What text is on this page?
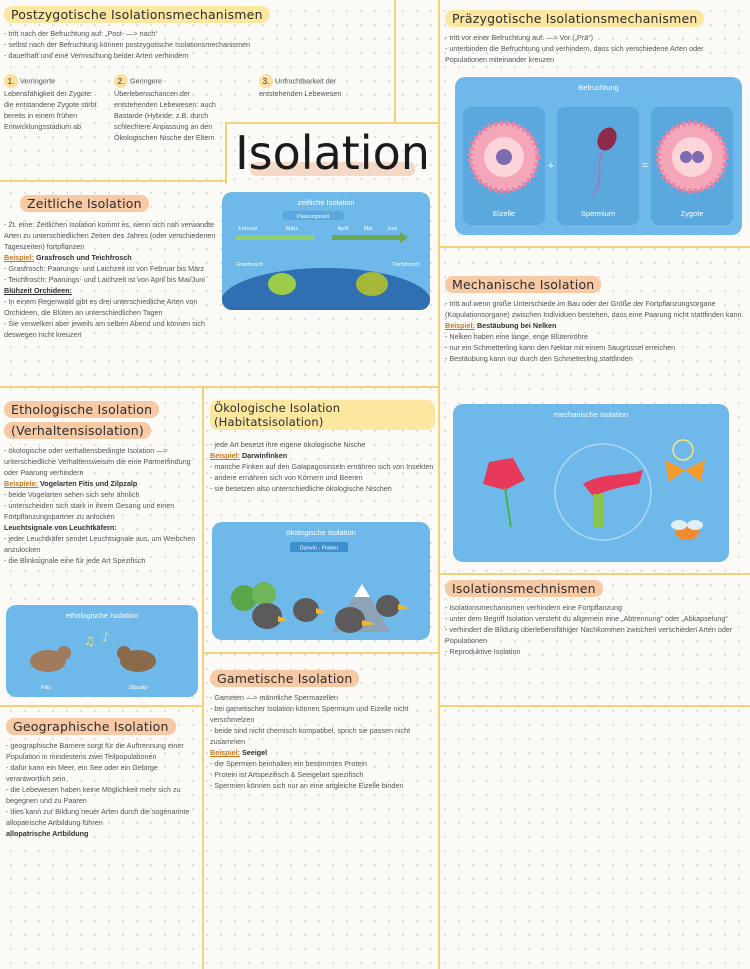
Isolation
Postzygotische Isolationsmechanismen
- tritt nach der Befruchtung auf: „Post- —> nach“
- selbst nach der Befruchtung können postzygotische Isolationsmechanismen
- dauerhaft und eine Vermischung beider Arten verhindern
1. Verringerte Lebensfähigkeit der Zygote: die entstandene Zygote stirbt bereits in einem frühen Entwicklungsstadium ab
2. Geringere Überlebenschancen der entstehenden Lebewesen: auch Bastarde (Hybride; z.B. durch schlechtere Anpassung an den Ökologischen Nische der Eltern
3. Unfruchtbarkeit der entstehenden Lebewesen
Präzygotische Isolationsmechanismen
- tritt vor einer Befruchtung auf: —> Vor („Prä“)
- unterbinden die Befruchtung und verhindern, dass sich verschiedene Arten oder Populationen miteinander kreuzen
Befruchtung
+	=
Eizelle	Spermium	Zygote
Zeitliche Isolation
- Zt. eine: Zeitlichen Isolation kommt es, wenn sich nah verwandte Arten zu unterschiedlichen Zeiten des Jahres (oder verschiedenen Tageszeiten) fortpflanzen
Beispiel: Grasfrosch und Teichfrosch
- Grasfrosch: Paarungs- und Laichzeit ist von Februar bis März
- Teichfrosch: Paarungs- und Laichzeit ist von April bis Mai/Juni
Blühzeit Orchideen:
- In einem Regenwald gibt es drei unterschiedliche Arten von Orchideen, die Blüten an unterschiedlichen Tagen
- Sie verwelken aber jeweils am selben Abend und können sich deswegen nicht kreuzen
zeitliche Isolation
Paarungszeit
Februar	März	April	Mai	Juni
Grasfrosch	Teichfrosch
Mechanische Isolation
- tritt auf wenn große Unterschiede im Bau oder der Größe der Fortpflanzungsorgane (Kopulationsorgane) zwischen Individuen bestehen, dass eine Paarung nicht stattfinden kann.
Beispiel: Bestäubung bei Nelken
- Nelken haben eine lange, enge Blütenröhre
- nur ein Schmetterling kann den Nektar mit einem Saugrüssel erreichen
- Bestäubung kann nur durch den Schmetterling stattfinden
mechanische Isolation
Ethologische Isolation
(Verhaltensisolation)
- ökologische oder verhaltensbedingte Isolation —> unterschiedliche Verhaltensweisen die eine Partnerfindung oder Paarung verhindern
Beispiele: Vogelarten Fitis und Zilpzalp
- beide Vogelarten sehen sich sehr ähnlich
- unterscheiden sich stark in ihrem Gesang und einen Fortpflanzungspartner zu anlocken
Leuchtsignale von Leuchtkäfern:
- jeder Leuchtkäfer sendet Leuchtsignale aus, um Weibchen anzulocken
- die Blinksignale eine für jede Art Spezifisch
ethologische Isolation
♫ ♪
Fitis	Zilpzalp
Ökologische Isolation (Habitatsisolation)
- jede Art besetzt ihre eigene ökologische Nische
Beispiel: Darwinfinken
- manche Finken auf den Galapagosinseln ernähren sich von Insekten
- andere ernähren sich von Körnern und Beeren
- sie besetzen also unterschiedliche ökologische Nischen
ökologische Isolation
Darwin - Finken
Isolationsmechnismen
- Isolationsmechanismen verhindern eine Fortpflanzung
- unter dem Begriff Isolation versteht du allgemein eine „Abtrennung“ oder „Abkapselung“
- verhindert die Bildung überlebensfähiger Nachkommen zwischen verschieden Arten oder Populationen
- Reproduktive Isolation
Gametische Isolation
- Gameten —> männliche Spermazellen
- bei gametischer Isolation können Spermium und Eizelle nicht verschmelzen
- beide sind nicht chemisch kompatibel, sprich sie passen nicht zusammen
Beispiel: Seeigel
- die Spermien beinhalten ein bestimmtes Protein
- Protein ist Artspezifisch & Seeigelart spezifisch
- Spermien können sich nur an eine artgleiche Eizelle binden
Geographische Isolation
- geographische Barriere sorgt für die Auftrennung einer Population in mindestens zwei Teilpopulationen
- dafür kann ein Meer, ein See oder ein Gebirge verantwortlich sein
- die Lebewesen haben keine Möglichkeit mehr sich zu begegnen und zu Paaren
- dies kann zur Bildung neuer Arten durch die sogenannte allopatrische Artbildung führen
allopatrische Artbildung
